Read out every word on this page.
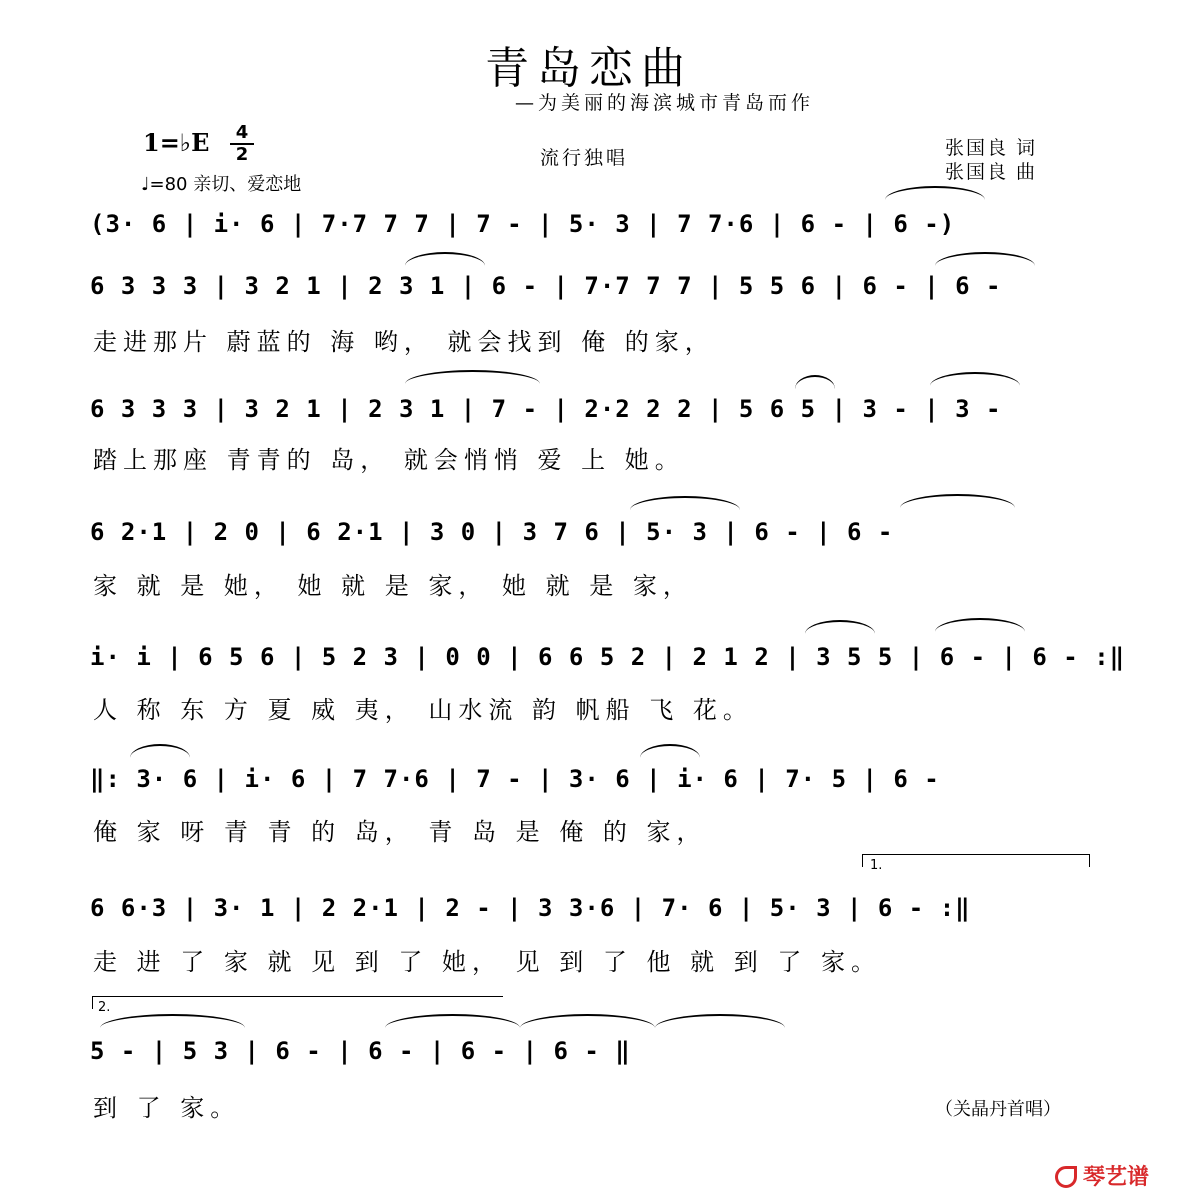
青岛恋曲
—为美丽的海滨城市青岛而作
1=♭E	4
2
♩=80 亲切、爱恋地
流行独唱	张国良 词
张国良 曲
(3· 6 | i· 6 | 7·7 7 7 | 7 - | 5· 3 | 7 7·6 | 6 - | 6 -)
6 3 3 3 | 3 2 1 | 2 3 1 | 6 - | 7·7 7 7 | 5 5 6 | 6 - | 6 -
走进那片 蔚蓝的 海 哟， 就会找到 俺 的家，
6 3 3 3 | 3 2 1 | 2 3 1 | 7 - | 2·2 2 2 | 5 6 5 | 3 - | 3 -
踏上那座 青青的 岛， 就会悄悄 爱 上 她。
6 2·1 | 2 0 | 6 2·1 | 3 0 | 3 7 6 | 5· 3 | 6 - | 6 -
家 就 是 她， 她 就 是 家， 她 就 是 家，
i· i | 6 5 6 | 5 2 3 | 0 0 | 6 6 5 2 | 2 1 2 | 3 5 5 | 6 - | 6 - :‖
人 称 东 方 夏 威 夷， 山水流 韵 帆船 飞 花。
‖: 3· 6 | i· 6 | 7 7·6 | 7 - | 3· 6 | i· 6 | 7· 5 | 6 -
俺 家 呀 青 青 的 岛， 青 岛 是 俺 的 家，
1.
6 6·3 | 3· 1 | 2 2·1 | 2 - | 3 3·6 | 7· 6 | 5· 3 | 6 - :‖
走 进 了 家 就 见 到 了 她， 见 到 了 他 就 到 了 家。
2.
5 - | 5 3 | 6 - | 6 - | 6 - | 6 - ‖
到 了 家。	（关晶丹首唱）
琴艺谱
